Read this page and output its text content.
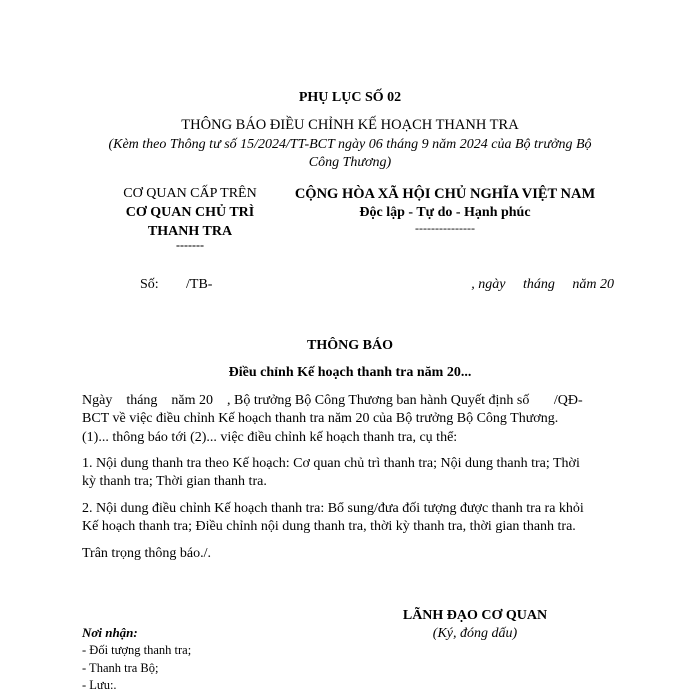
PHỤ LỤC SỐ 02
THÔNG BÁO ĐIỀU CHỈNH KẾ HOẠCH THANH TRA
(Kèm theo Thông tư số 15/2024/TT-BCT ngày 06 tháng 9 năm 2024 của Bộ trưởng Bộ
Công Thương)
CƠ QUAN CẤP TRÊN
CƠ QUAN CHỦ TRÌ
THANH TRA
-------
CỘNG HÒA XÃ HỘI CHỦ NGHĨA VIỆT NAM
Độc lập - Tự do - Hạnh phúc
---------------
Số: /TB-	, ngày     tháng     năm 20
THÔNG BÁO
Điều chỉnh Kế hoạch thanh tra năm 20...
Ngày    tháng    năm 20    , Bộ trưởng Bộ Công Thương ban hành Quyết định số       /QĐ-
BCT về việc điều chỉnh Kế hoạch thanh tra năm 20 của Bộ trưởng Bộ Công Thương.
(1)... thông báo tới (2)... việc điều chỉnh kế hoạch thanh tra, cụ thể:
1. Nội dung thanh tra theo Kế hoạch: Cơ quan chủ trì thanh tra; Nội dung thanh tra; Thời
kỳ thanh tra; Thời gian thanh tra.
2. Nội dung điều chỉnh Kế hoạch thanh tra: Bổ sung/đưa đối tượng được thanh tra ra khỏi
Kế hoạch thanh tra; Điều chỉnh nội dung thanh tra, thời kỳ thanh tra, thời gian thanh tra.
Trân trọng thông báo./.
LÃNH ĐẠO CƠ QUAN
(Ký, đóng dấu)
Nơi nhận:
- Đối tượng thanh tra;
- Thanh tra Bộ;
- Lưu:.
